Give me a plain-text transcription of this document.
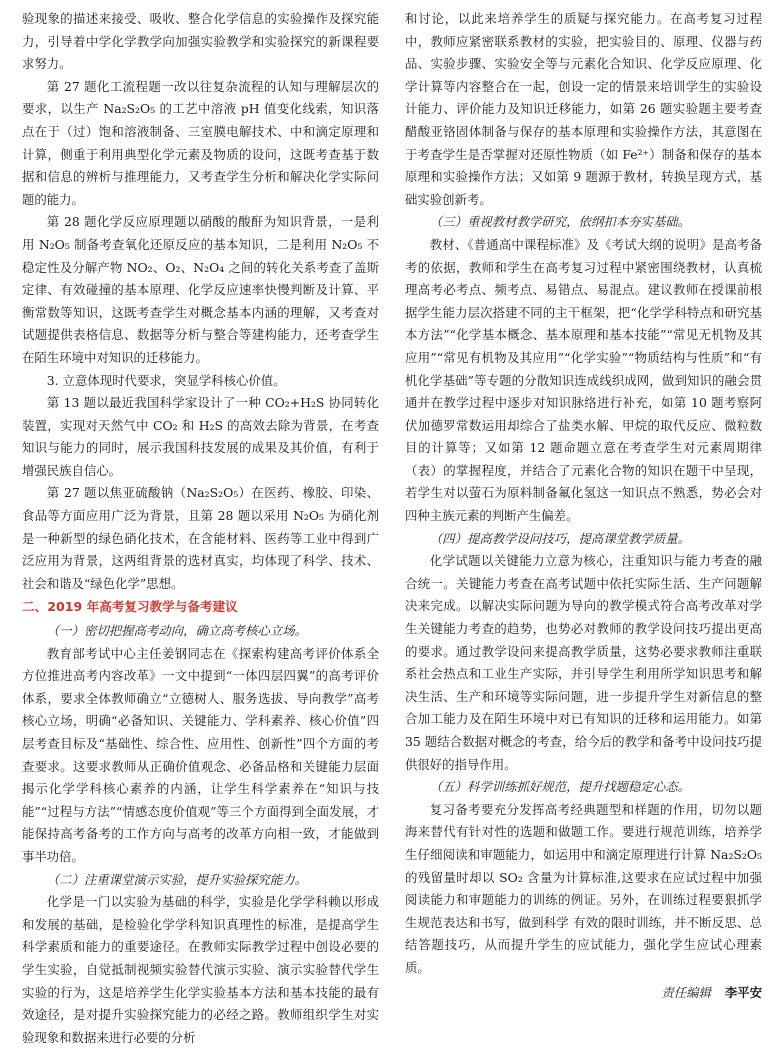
验现象的描述来接受、吸收、整合化学信息的实验操作及探究能力，引导着中学化学教学向加强实验教学和实验探究的新课程要求努力。

第 27 题化工流程题一改以往复杂流程的认知与理解层次的要求，以生产 Na₂S₂O₅ 的工艺中溶液 pH 值变化线索，知识落点在于（过）饱和溶液制备、三室膜电解技术、中和滴定原理和计算，侧重于利用典型化学元素及物质的设问，这既考查基于数据和信息的辨析与推理能力，又考查学生分析和解决化学实际问题的能力。

第 28 题化学反应原理题以硝酸的酸酐为知识背景，一是利用 N₂O₅ 制备考查氧化还原反应的基本知识，二是利用 N₂O₅ 不稳定性及分解产物 NO₂、O₂、N₂O₄ 之间的转化关系考查了盖斯定律、有效碰撞的基本原理、化学反应速率快慢判断及计算、平衡常数等知识，这既考查学生对概念基本内涵的理解，又考查对试题提供表格信息、数据等分析与整合等建构能力，还考查学生在陌生环境中对知识的迁移能力。

3. 立意体现时代要求，突显学科核心价值。

第 13 题以最近我国科学家设计了一种 CO₂+H₂S 协同转化装置，实现对天然气中 CO₂ 和 H₂S 的高效去除为背景，在考查知识与能力的同时，展示我国科技发展的成果及其价值，有利于增强民族自信心。

第 27 题以焦亚硫酸钠（Na₂S₂O₅）在医药、橡胶、印染、食品等方面应用广泛为背景，且第 28 题以采用 N₂O₅ 为硝化剂是一种新型的绿色硝化技术，在含能材料、医药等工业中得到广泛应用为背景，这两组背景的选材真实，均体现了科学、技术、社会和谐及“绿色化学”思想。

二、2019 年高考复习教学与备考建议
（一）密切把握高考动向，确立高考核心立场。

教育部考试中心主任姜钢同志在《探索构建高考评价体系全方位推进高考内容改革》一文中提到“一体四层四翼”的高考评价体系，要求全体教师确立“立德树人、服务选拔、导向教学”高考核心立场，明确“必备知识、关键能力、学科素养、核心价值”四层考查目标及“基础性、综合性、应用性、创新性”四个方面的考查要求。这要求教师从正确价值观念、必备品格和关键能力层面揭示化学学科核心素养的内涵，让学生科学素养在“知识与技能”“过程与方法”“情感态度价值观”等三个方面得到全面发展，才能保持高考备考的工作方向与高考的改革方向相一致，才能做到事半功倍。

（二）注重课堂演示实验，提升实验探究能力。

化学是一门以实验为基础的科学，实验是化学学科赖以形成和发展的基础，是检验化学学科知识真理性的标准，是提高学生科学素质和能力的重要途径。在教师实际教学过程中创设必要的学生实验，自觉抵制视频实验替代演示实验、演示实验替代学生实验的行为，这是培养学生化学实验基本方法和基本技能的最有效途径，是对提升实验探究能力的必经之路。教师组织学生对实验现象和数据来进行必要的分析

和讨论，以此来培养学生的质疑与探究能力。在高考复习过程中，教师应紧密联系教材的实验，把实验目的、原理、仪器与药品、实验步骤、实验安全等与元素化合知识、化学反应原理、化学计算等内容整合在一起，创设一定的情景来培训学生的实验设计能力、评价能力及知识迁移能力，如第 26 题实验题主要考查醋酸亚铬固体制备与保存的基本原理和实验操作方法，其意图在于考查学生是否掌握对还原性物质（如 Fe²⁺）制备和保存的基本原理和实验操作方法；又如第 9 题源于教材，转换呈现方式，基础实验创新考。

（三）重视教材教学研究，依纲扣本夯实基础。

教材、《普通高中课程标准》及《考试大纲的说明》是高考备考的依据，教师和学生在高考复习过程中紧密围绕教材，认真梳理高考必考点、频考点、易错点、易混点。建议教师在授课前根据学生能力层次搭建不同的主干框架，把“化学学科特点和研究基本方法”“化学基本概念、基本原理和基本技能”“常见无机物及其应用”“常见有机物及其应用”“化学实验”“物质结构与性质”和“有机化学基础”等专题的分散知识连成线织成网，做到知识的融会贯通并在教学过程中逐步对知识脉络进行补充，如第 10 题考察阿伏加德罗常数运用却综合了盐类水解、甲烷的取代反应、微粒数目的计算等；又如第 12 题命题立意在考查学生对元素周期律（表）的掌握程度，并结合了元素化合物的知识在题干中呈现，若学生对以萤石为原料制备氟化氢这一知识点不熟悉，势必会对四种主族元素的判断产生偏差。

（四）提高教学设问技巧，提高课堂教学质量。

化学试题以关键能力立意为核心，注重知识与能力考查的融合统一。关键能力考查在高考试题中依托实际生活、生产问题解决来完成。以解决实际问题为导向的教学模式符合高考改革对学生关键能力考查的趋势，也势必对教师的教学设问技巧提出更高的要求。通过教学设问来提高教学质量，这势必要求教师注重联系社会热点和工业生产实际，并引导学生利用所学知识思考和解决生活、生产和环境等实际问题，进一步提升学生对新信息的整合加工能力及在陌生环境中对已有知识的迁移和运用能力。如第 35 题结合数据对概念的考查，给今后的教学和备考中设问技巧提供很好的指导作用。

（五）科学训练抓好规范，提升找题稳定心态。

复习备考要充分发挥高考经典题型和样题的作用，切勿以题海来替代有针对性的选题和做题工作。要进行规范训练，培养学生仔细阅读和审题能力，如运用中和滴定原理进行计算 Na₂S₂O₅ 的残留量时却以 SO₂ 含量为计算标准,这要求在应试过程中加强阅读能力和审题能力的训练的例证。另外，在训练过程要狠抓学生规范表达和书写，做到科学 有效的限时训练，并不断反思、总结答题技巧，从而提升学生的应试能力，强化学生应试心理素质。

责任编辑 李平安
